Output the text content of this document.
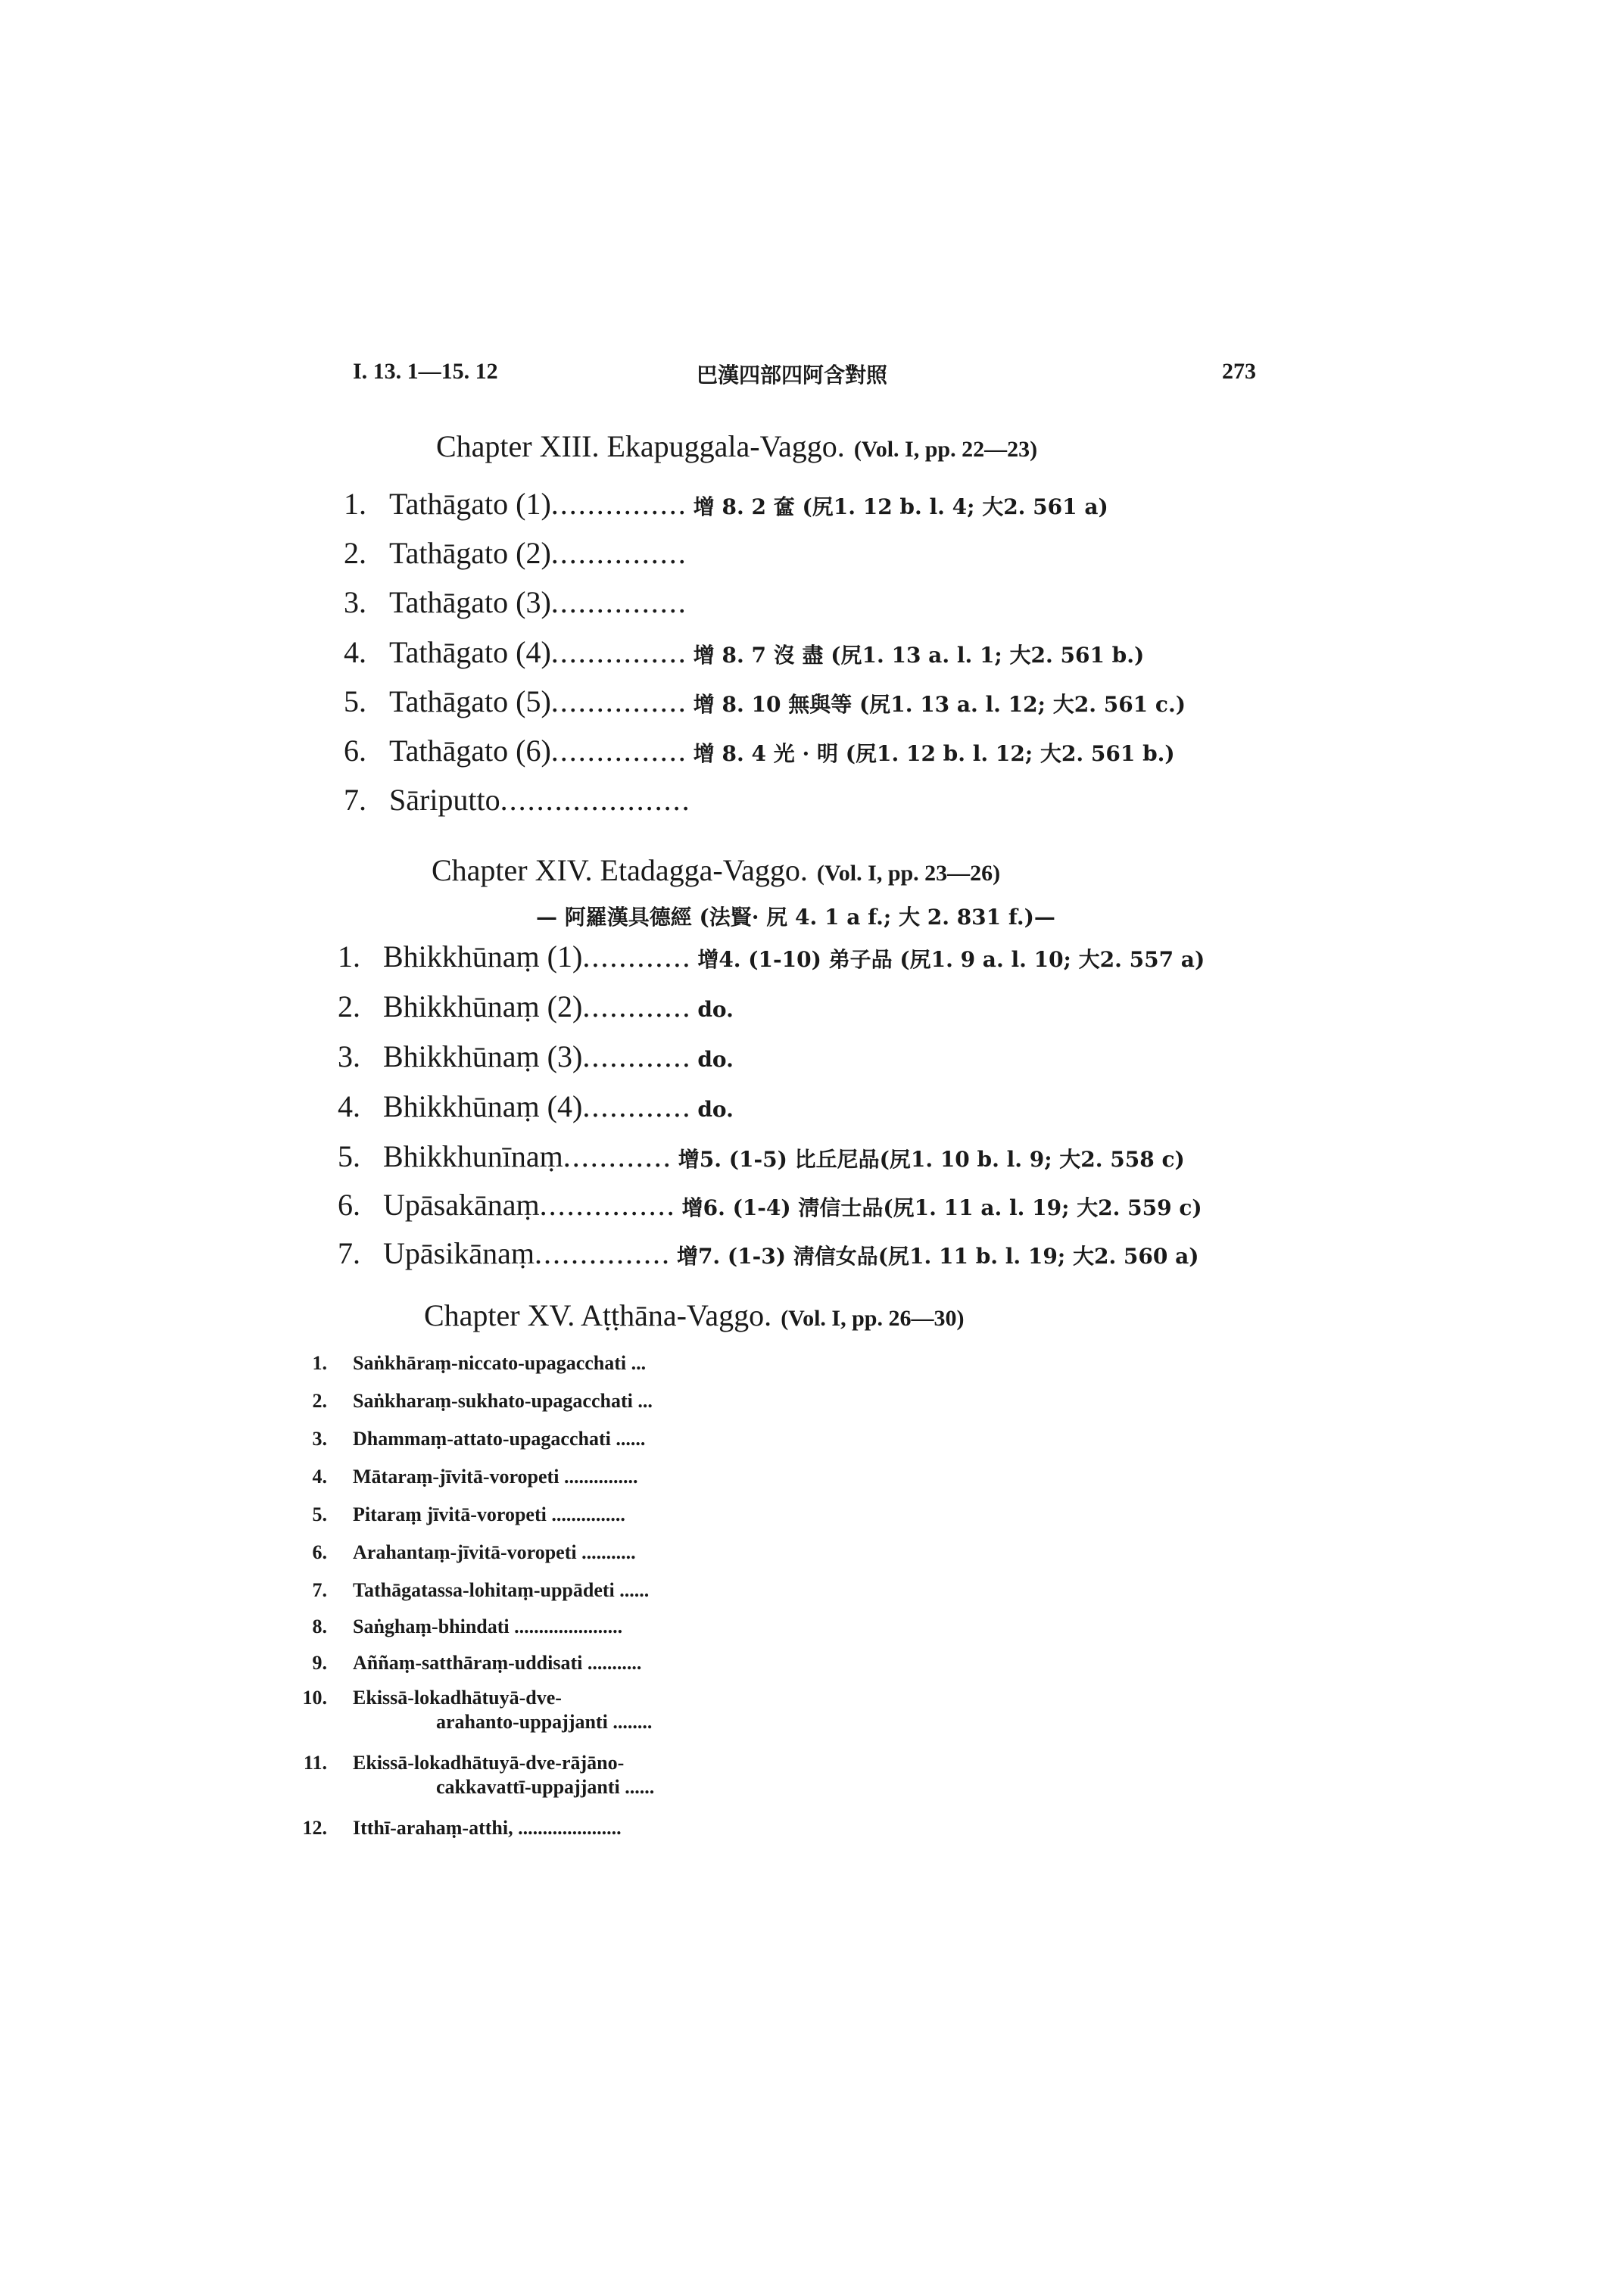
I. 13. 1—15. 12	巴漢四部四阿含對照	273
Chapter XIII. Ekapuggala-Vaggo. (Vol. I, pp. 22—23)
1. Tathāgato (1)............... 增 8. 2 奩 (尻1. 12 b. l. 4; 大2. 561 a)
2. Tathāgato (2)...............
3. Tathāgato (3)...............
4. Tathāgato (4)............... 增 8. 7 沒 盡 (尻1. 13 a. l. 1; 大2. 561 b.)
5. Tathāgato (5)............... 增 8. 10 無與等 (尻1. 13 a. l. 12; 大2. 561 c.)
6. Tathāgato (6)............... 增 8. 4 光 · 明 (尻1. 12 b. l. 12; 大2. 561 b.)
7. Sāriputto.....................
Chapter XIV. Etadagga-Vaggo. (Vol. I, pp. 23—26)
— 阿羅漢具德經 (法賢· 尻 4. 1 a f.; 大 2. 831 f.)—
1. Bhikkhūnaṃ (1)............ 增4. (1-10) 弟子品 (尻1. 9 a. l. 10; 大2. 557 a)
2. Bhikkhūnaṃ (2)............ do.
3. Bhikkhūnaṃ (3)............ do.
4. Bhikkhūnaṃ (4)............ do.
5. Bhikkhunīnaṃ............ 增5. (1-5) 比丘尼品(尻1. 10 b. l. 9; 大2. 558 c)
6. Upāsakānaṃ............... 增6. (1-4) 淸信士品(尻1. 11 a. l. 19; 大2. 559 c)
7. Upāsikānaṃ............... 增7. (1-3) 淸信女品(尻1. 11 b. l. 19; 大2. 560 a)
Chapter XV. Aṭṭhāna-Vaggo. (Vol. I, pp. 26—30)
1. Saṅkhāraṃ-niccato-upagacchati ...
2. Saṅkharaṃ-sukhato-upagacchati ...
3. Dhammaṃ-attato-upagacchati ......
4. Mātaraṃ-jīvitā-voropeti ...............
5. Pitaraṃ jīvitā-voropeti ...............
6. Arahantaṃ-jīvitā-voropeti ...........
7. Tathāgatassa-lohitaṃ-uppādeti ......
8. Saṅghaṃ-bhindati ......................
9. Aññaṃ-satthāraṃ-uddisati ...........
10. Ekissā-lokadhātuyā-dve-
arahanto-uppajjanti ........
11. Ekissā-lokadhātuyā-dve-rājāno-
cakkavattī-uppajjanti ......
12. Itthī-arahaṃ-atthi, .....................
